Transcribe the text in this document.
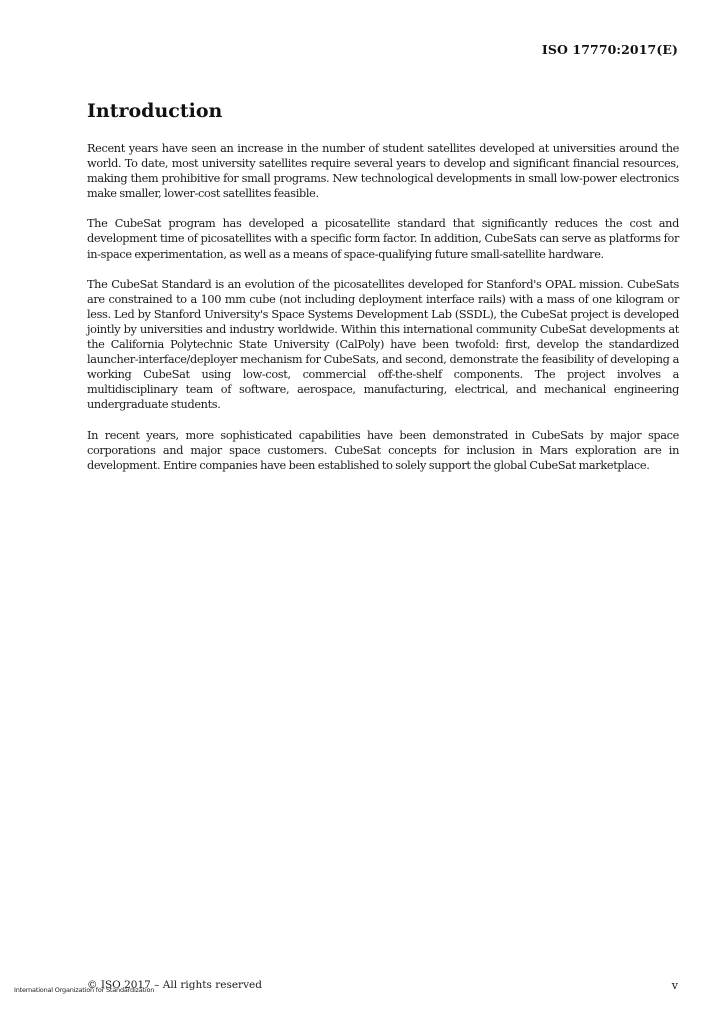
ISO 17770:2017(E)
Introduction

Recent years have seen an increase in the number of student satellites developed at universities around the world. To date, most university satellites require several years to develop and significant financial resources, making them prohibitive for small programs. New technological developments in small low-power electronics make smaller, lower-cost satellites feasible.

The CubeSat program has developed a picosatellite standard that significantly reduces the cost and development time of picosatellites with a specific form factor. In addition, CubeSats can serve as platforms for in-space experimentation, as well as a means of space-qualifying future small-satellite hardware.

The CubeSat Standard is an evolution of the picosatellites developed for Stanford's OPAL mission. CubeSats are constrained to a 100 mm cube (not including deployment interface rails) with a mass of one kilogram or less. Led by Stanford University's Space Systems Development Lab (SSDL), the CubeSat project is developed jointly by universities and industry worldwide. Within this international community CubeSat developments at the California Polytechnic State University (CalPoly) have been twofold: first, develop the standardized launcher-interface/deployer mechanism for CubeSats, and second, demonstrate the feasibility of developing a working CubeSat using low-cost, commercial off-the-shelf components. The project involves a multidisciplinary team of software, aerospace, manufacturing, electrical, and mechanical engineering undergraduate students.

In recent years, more sophisticated capabilities have been demonstrated in CubeSats by major space corporations and major space customers. CubeSat concepts for inclusion in Mars exploration are in development. Entire companies have been established to solely support the global CubeSat marketplace.

International Organization for Standardization
© ISO 2017 – All rights reserved	v
